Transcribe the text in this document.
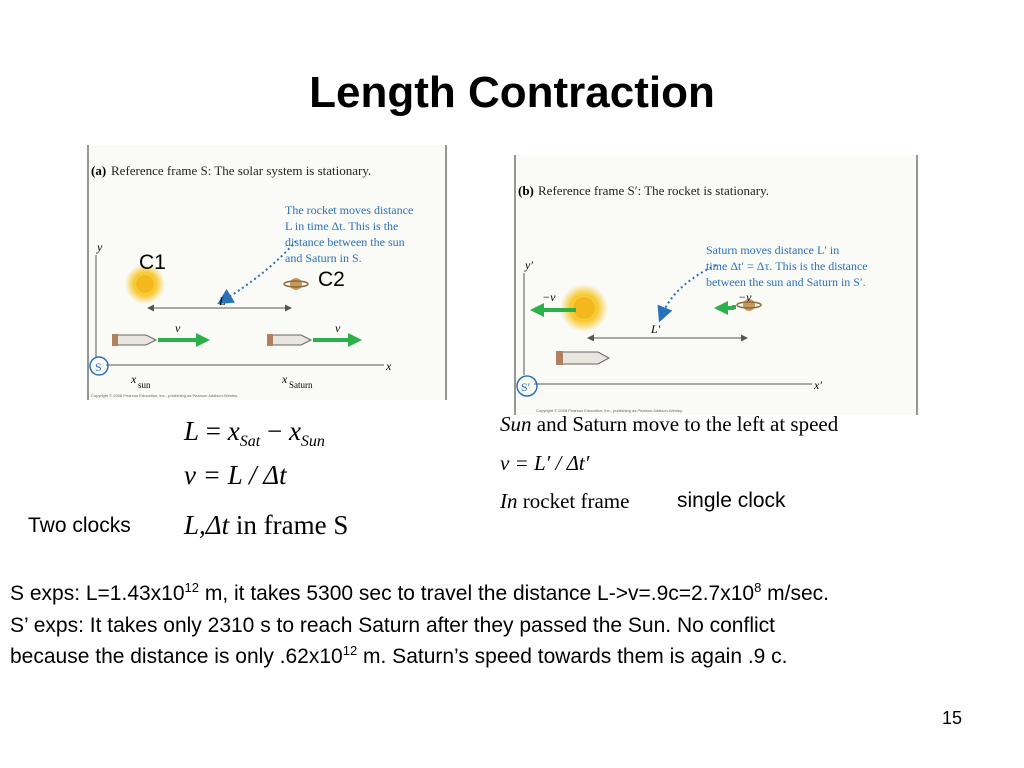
Length Contraction
(a) Reference frame S: The solar system is stationary.
The rocket moves distance
L in time Δt. This is the
distance between the sun
and Saturn in S.
y
x
S
L
v	v
x sun	x Saturn
Copyright © 2008 Pearson Education, Inc., publishing as Pearson Addison-Wesley.
(b) Reference frame S′: The rocket is stationary.
Saturn moves distance L′ in
time Δt′ = Δτ. This is the distance
between the sun and Saturn in S′.
y′
x′
S′
−v	−v
L′
Copyright © 2008 Pearson Education, Inc., publishing as Pearson Addison-Wesley.
C1
C2
$L = x_{Sat} - x_{Sun}$
v = L / Δt
L,Δt in frame S
Two clocks
Sun and Saturn move to the left at speed
v = L′ / Δt′
In rocket frame single clock
S exps: $L=1.43x10^{12}$ m, it takes 5300 sec to travel the distance $L->v=.9c=2.7x10^8$ m/sec.
S’ exps: It takes only 2310 s to reach Saturn after they passed the Sun. No conflict
because the distance is only $.62x10^{12}$ m. Saturn’s speed towards them is again .9 c.
15
